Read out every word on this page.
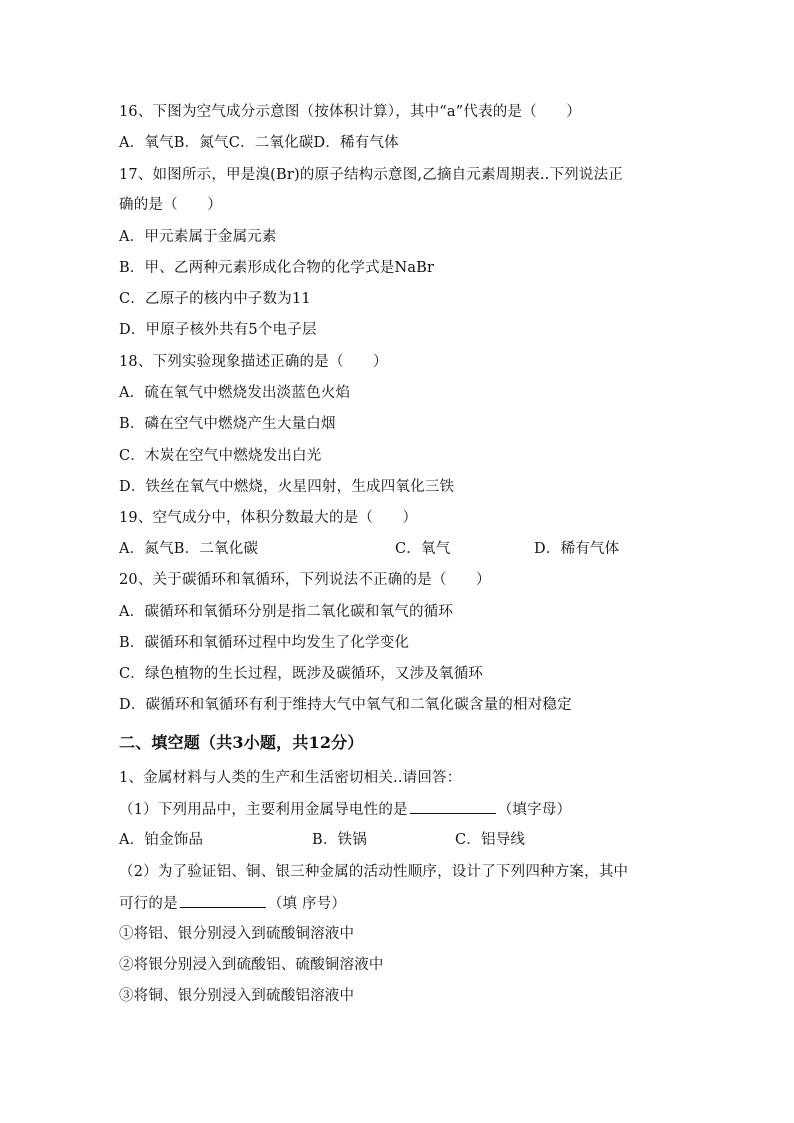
16、下图为空气成分示意图（按体积计算），其中“a”代表的是（　　）
A．氧气B．氮气C．二氧化碳D．稀有气体
17、如图所示，甲是溴(Br)的原子结构示意图,乙摘自元素周期表..下列说法正
确的是（　　）
A．甲元素属于金属元素
B．甲、乙两种元素形成化合物的化学式是NaBr
C．乙原子的核内中子数为11
D．甲原子核外共有5个电子层
18、下列实验现象描述正确的是（　　）
A．硫在氧气中燃烧发出淡蓝色火焰
B．磷在空气中燃烧产生大量白烟
C．木炭在空气中燃烧发出白光
D．铁丝在氧气中燃烧，火星四射，生成四氧化三铁
19、空气成分中，体积分数最大的是（　　）
A．氮气B．二氧化碳	C．氧气	D．稀有气体
20、关于碳循环和氧循环，下列说法不正确的是（　　）
A．碳循环和氧循环分别是指二氧化碳和氧气的循环
B．碳循环和氧循环过程中均发生了化学变化
C．绿色植物的生长过程，既涉及碳循环，又涉及氧循环
D．碳循环和氧循环有利于维持大气中氧气和二氧化碳含量的相对稳定
二、填空题（共3小题，共12分）
1、金属材料与人类的生产和生活密切相关..请回答：
（1）下列用品中，主要利用金属导电性的是	（填字母）
A．铂金饰品	B．铁锅	C．铝导线
（2）为了验证铝、铜、银三种金属的活动性顺序，设计了下列四种方案，其中
可行的是	（填 序号）
①将铝、银分别浸入到硫酸铜溶液中
②将银分别浸入到硫酸铝、硫酸铜溶液中
③将铜、银分别浸入到硫酸铝溶液中
